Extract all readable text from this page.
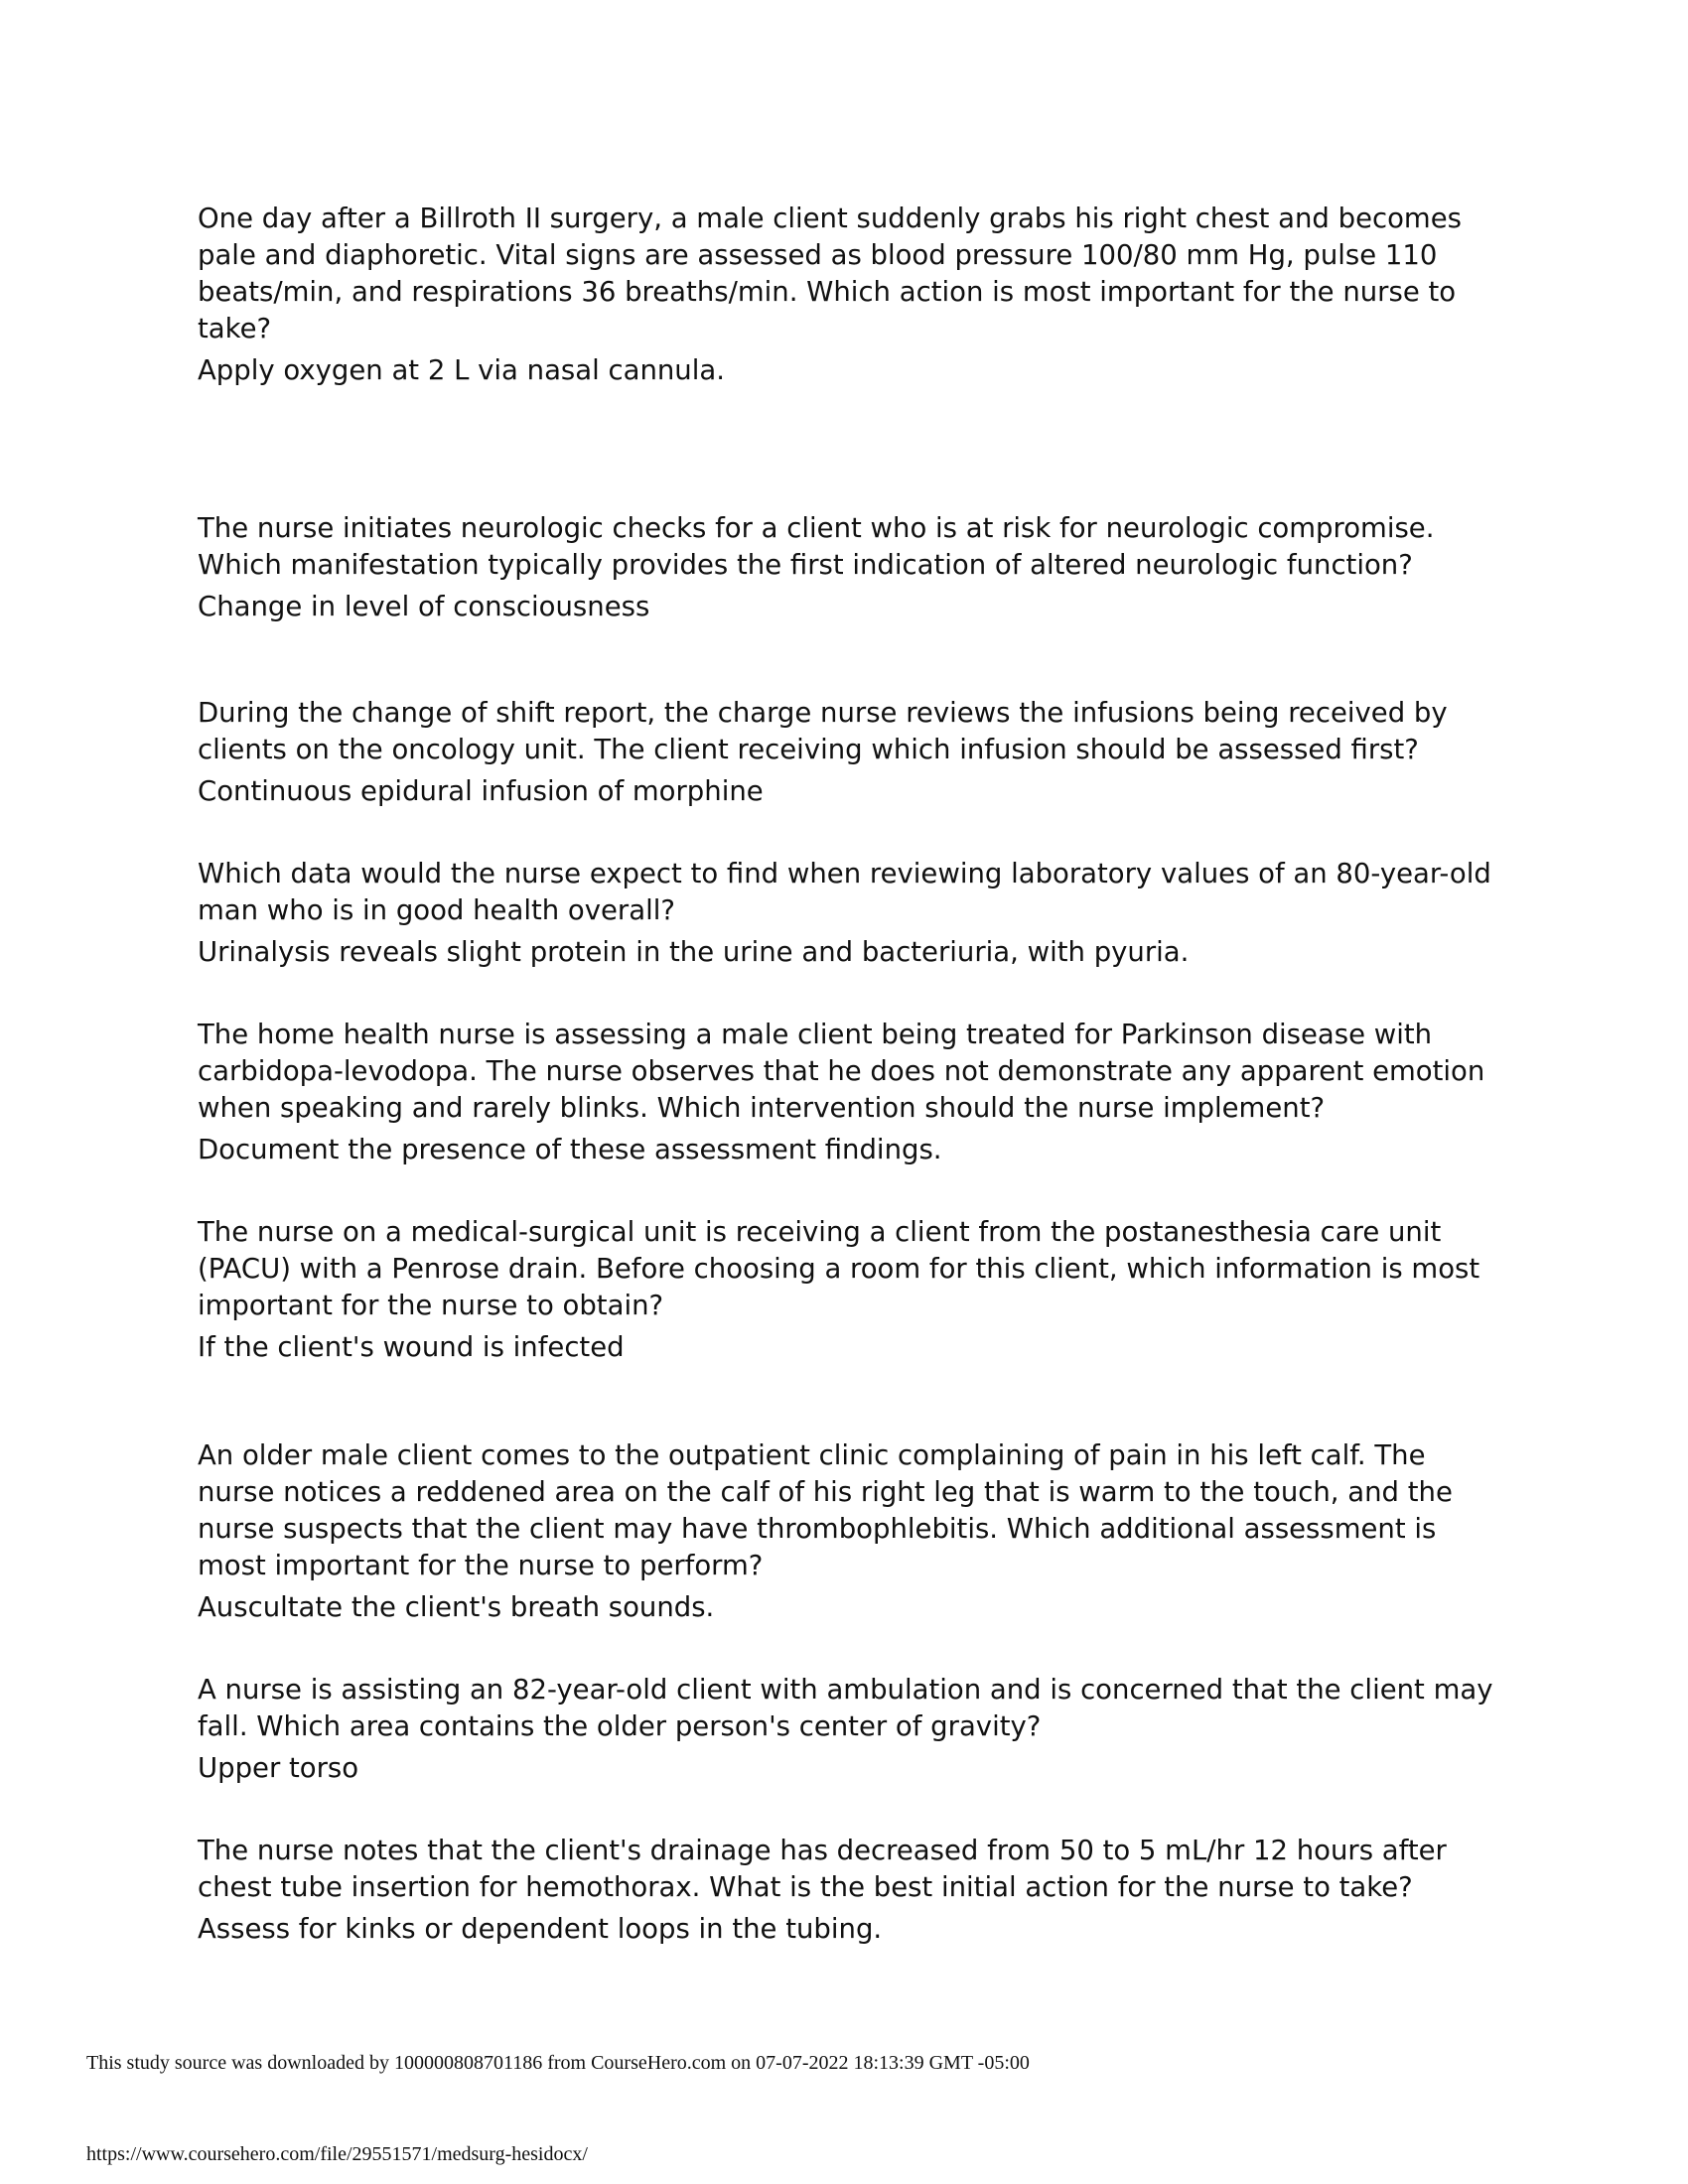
One day after a Billroth II surgery, a male client suddenly grabs his right chest and becomes pale and diaphoretic. Vital signs are assessed as blood pressure 100/80 mm Hg, pulse 110 beats/min, and respirations 36 breaths/min. Which action is most important for the nurse to take?

Apply oxygen at 2 L via nasal cannula.

The nurse initiates neurologic checks for a client who is at risk for neurologic compromise. Which manifestation typically provides the first indication of altered neurologic function?

Change in level of consciousness

During the change of shift report, the charge nurse reviews the infusions being received by clients on the oncology unit. The client receiving which infusion should be assessed first?

Continuous epidural infusion of morphine

Which data would the nurse expect to find when reviewing laboratory values of an 80-year-old man who is in good health overall?

Urinalysis reveals slight protein in the urine and bacteriuria, with pyuria.

The home health nurse is assessing a male client being treated for Parkinson disease with carbidopa-levodopa. The nurse observes that he does not demonstrate any apparent emotion when speaking and rarely blinks. Which intervention should the nurse implement?

Document the presence of these assessment findings.

The nurse on a medical-surgical unit is receiving a client from the postanesthesia care unit (PACU) with a Penrose drain. Before choosing a room for this client, which information is most important for the nurse to obtain?

If the client's wound is infected

An older male client comes to the outpatient clinic complaining of pain in his left calf. The nurse notices a reddened area on the calf of his right leg that is warm to the touch, and the nurse suspects that the client may have thrombophlebitis. Which additional assessment is most important for the nurse to perform?

Auscultate the client's breath sounds.

A nurse is assisting an 82-year-old client with ambulation and is concerned that the client may fall. Which area contains the older person's center of gravity?

Upper torso

The nurse notes that the client's drainage has decreased from 50 to 5 mL/hr 12 hours after chest tube insertion for hemothorax. What is the best initial action for the nurse to take?

Assess for kinks or dependent loops in the tubing.

This study source was downloaded by 100000808701186 from CourseHero.com on 07-07-2022 18:13:39 GMT -05:00
https://www.coursehero.com/file/29551571/medsurg-hesidocx/
